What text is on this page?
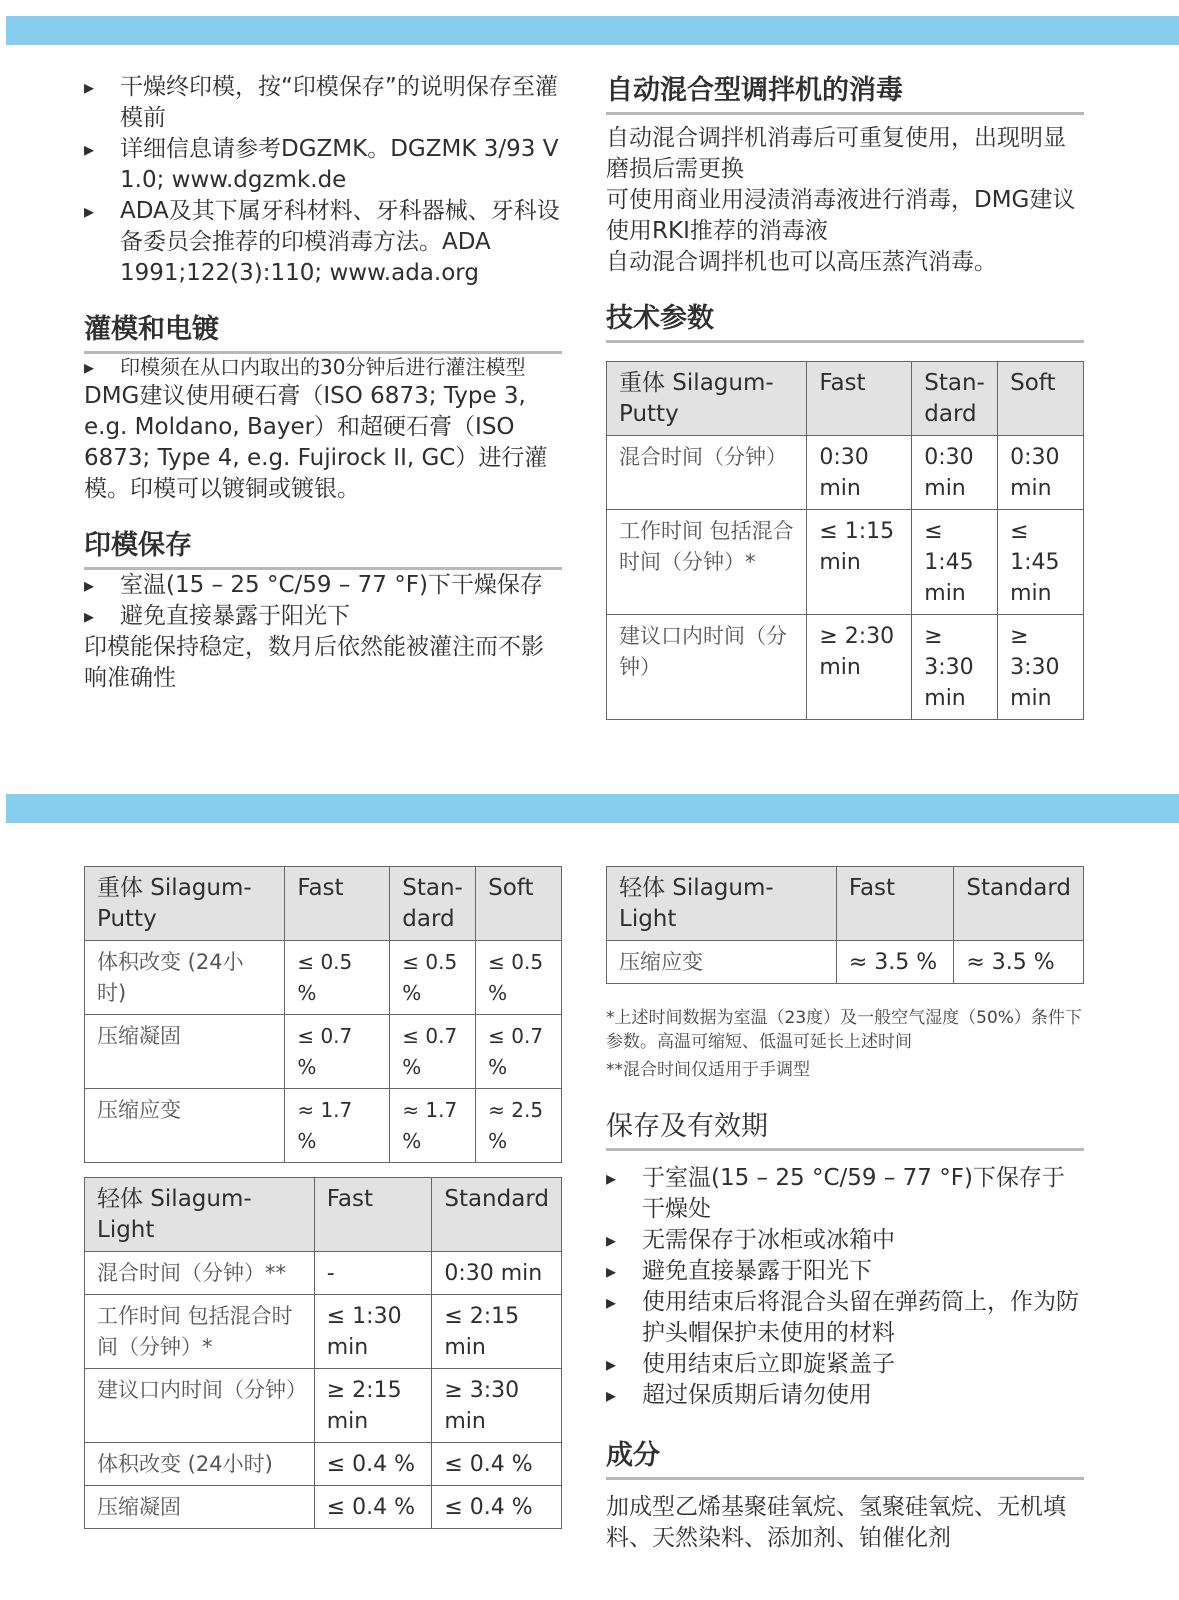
▸ 干燥终印模，按“印模保存”的说明保存至灌模前
▸ 详细信息请参考DGZMK。DGZMK 3/93 V 1.0; www.dgzmk.de
▸ ADA及其下属牙科材料、牙科器械、牙科设备委员会推荐的印模消毒方法。ADA 1991;122(3):110; www.ada.org
灌模和电镀
▸ 印模须在从口内取出的30分钟后进行灌注模型

DMG建议使用硬石膏（ISO 6873; Type 3, e.g. Moldano, Bayer）和超硬石膏（ISO 6873; Type 4, e.g. Fujirock II, GC）进行灌模。印模可以镀铜或镀银。

印模保存
▸ 室温(15 – 25 °C/59 – 77 °F)下干燥保存
▸ 避免直接暴露于阳光下

印模能保持稳定，数月后依然能被灌注而不影响准确性

自动混合型调拌机的消毒

自动混合调拌机消毒后可重复使用，出现明显磨损后需更换

可使用商业用浸渍消毒液进行消毒，DMG建议使用RKI推荐的消毒液

自动混合调拌机也可以高压蒸汽消毒。

技术参数
重体 Silagum-Putty	Fast	Stan-dard	Soft
混合时间（分钟）	0:30 min	0:30 min	0:30 min
工作时间 包括混合时间（分钟）*	≤ 1:15 min	≤ 1:45 min	≤ 1:45 min
建议口内时间（分钟）	≥ 2:30 min	≥ 3:30 min	≥ 3:30 min
重体 Silagum-Putty	Fast	Stan-dard	Soft
体积改变 (24小时)	≤ 0.5 %	≤ 0.5 %	≤ 0.5 %
压缩凝固	≤ 0.7 %	≤ 0.7 %	≤ 0.7 %
压缩应变	≈ 1.7 %	≈ 1.7 %	≈ 2.5 %
轻体 Silagum-Light	Fast	Standard
混合时间（分钟）**	-	0:30 min
工作时间 包括混合时间（分钟）*	≤ 1:30 min	≤ 2:15 min
建议口内时间（分钟）	≥ 2:15 min	≥ 3:30 min
体积改变 (24小时)	≤ 0.4 %	≤ 0.4 %
压缩凝固	≤ 0.4 %	≤ 0.4 %
轻体 Silagum-Light	Fast	Standard
压缩应变	≈ 3.5 %	≈ 3.5 %

*上述时间数据为室温（23度）及一般空气湿度（50%）条件下参数。高温可缩短、低温可延长上述时间

**混合时间仅适用于手调型

保存及有效期
▸ 于室温(15 – 25 °C/59 – 77 °F)下保存于干燥处
▸ 无需保存于冰柜或冰箱中
▸ 避免直接暴露于阳光下
▸ 使用结束后将混合头留在弹药筒上，作为防护头帽保护未使用的材料
▸ 使用结束后立即旋紧盖子
▸ 超过保质期后请勿使用
成分

加成型乙烯基聚硅氧烷、氢聚硅氧烷、无机填料、天然染料、添加剂、铂催化剂
